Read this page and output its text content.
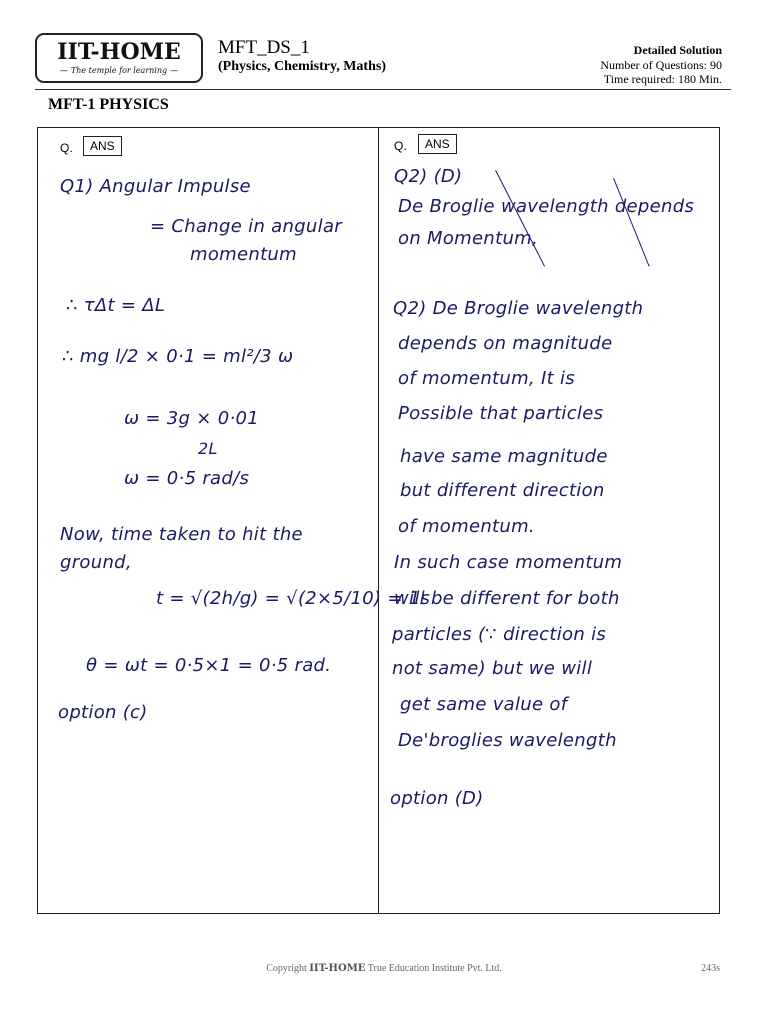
IIT-HOME
— The temple for learning —
MFT_DS_1
(Physics, Chemistry, Maths)
Detailed Solution
Number of Questions: 90
Time required: 180 Min.
MFT-1 PHYSICS
Q.	ANS	Q.	ANS
Q1) Angular Impulse
= Change in angular
momentum
∴ τΔt = ΔL
∴ mg l/2 × 0·1 = ml²/3 ω
ω = 3g × 0·01
2L
ω = 0·5 rad/s
Now, time taken to hit the
ground,
t = √(2h/g) = √(2×5/10) = 1s
θ = ωt = 0·5×1 = 0·5 rad.
option (c)
Q2) (D)
De Broglie wavelength depends
on Momentum,
Q2) De Broglie wavelength
depends on magnitude
of momentum, It is
Possible that particles
have same magnitude
but different direction
of momentum.
In such case momentum
will be different for both
particles (∵ direction is
not same) but we will
get same value of
De'broglies wavelength
option (D)
Copyright IIT-HOME True Education Institute Pvt. Ltd.	243s
